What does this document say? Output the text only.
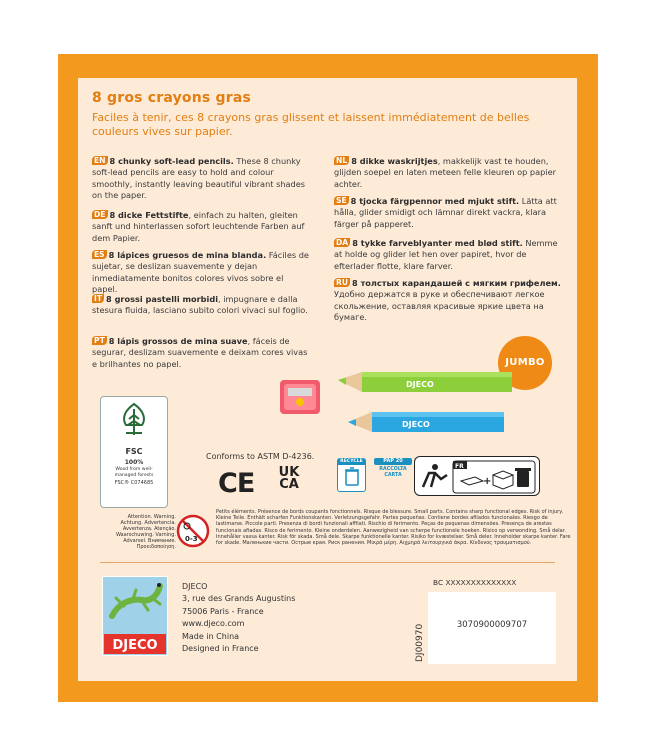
8 gros crayons gras
Faciles à tenir, ces 8 crayons gras glissent et laissent immédiatement de belles couleurs vives sur papier.
EN 8 chunky soft-lead pencils. These 8 chunky soft-lead pencils are easy to hold and colour smoothly, instantly leaving beautiful vibrant shades on the paper.
DE 8 dicke Fettstifte, einfach zu halten, gleiten sanft und hinterlassen sofort leuchtende Farben auf dem Papier.
ES 8 lápices gruesos de mina blanda. Fáciles de sujetar, se deslizan suavemente y dejan inmediatamente bonitos colores vivos sobre el papel.
IT 8 grossi pastelli morbidi, impugnare e dalla stesura fluida, lasciano subito colori vivaci sul foglio.
PT 8 lápis grossos de mina suave, fáceis de segurar, deslizam suavemente e deixam cores vivas e brilhantes no papel.
NL 8 dikke waskrijtjes, makkelijk vast te houden, glijden soepel en laten meteen felle kleuren op papier achter.
SE 8 tjocka färgpennor med mjukt stift. Lätta att hålla, glider smidigt och lämnar direkt vackra, klara färger på papperet.
DA 8 tykke farveblyanter med blød stift. Nemme at holde og glider let hen over papiret, hvor de efterlader flotte, klare farver.
RU 8 толстых карандашей с мягким грифелем. Удобно держатся в руке и обеспечивают легкое скольжение, оставляя красивые яркие цвета на бумаге.
JUMBO
DJECO
DJECO
FSC
100%
Wood from well-managed forests
FSC® C074685
Conforms to ASTM D-4236.
CE	UK CA
RECYCLE	PAP 20
RACCOLTA CARTA
FR
+
Attention. Warning. Achtung. Advertencia. Avvertenza. Atenção. Waarschuwing. Varning. Advarsel. Внимание. Προειδοποίηση.
0-3
Petits éléments. Présence de bords coupants fonctionnels. Risque de blessure. Small parts. Contains sharp functional edges. Risk of injury. Kleine Teile. Enthält scharfen Funktionskanten. Verletzungsgefahr. Partes pequeñas. Contiene bordes afilados funcionales. Riesgo de lastimarse. Piccole parti. Presenza di bordi funzionali affilati. Rischio di ferimento. Peças de pequenas dimensões. Presença de arestas funcionais afiadas. Risco de ferimento. Kleine onderdelen. Aanwezigheid van scherpe functionele hoeken. Risico op verwonding. Små delar. Innehåller vassa kanter. Risk för skada. Små dele. Skarpe funktionelle kanter. Risiko for kvæstelser. Små deler. Inneholder skarpe kanter. Fare for skade. Маленькие части. Острые края. Риск ранения. Μικρά μέρη. Αιχμηρά λειτουργικά άκρα. Κίνδυνος τραυματισμού.
DJECO
DJECO
3, rue des Grands Augustins
75006 Paris - France
www.djeco.com
Made in China
Designed in France	DJ00970
BC XXXXXXXXXXXXXX
3070900009707
